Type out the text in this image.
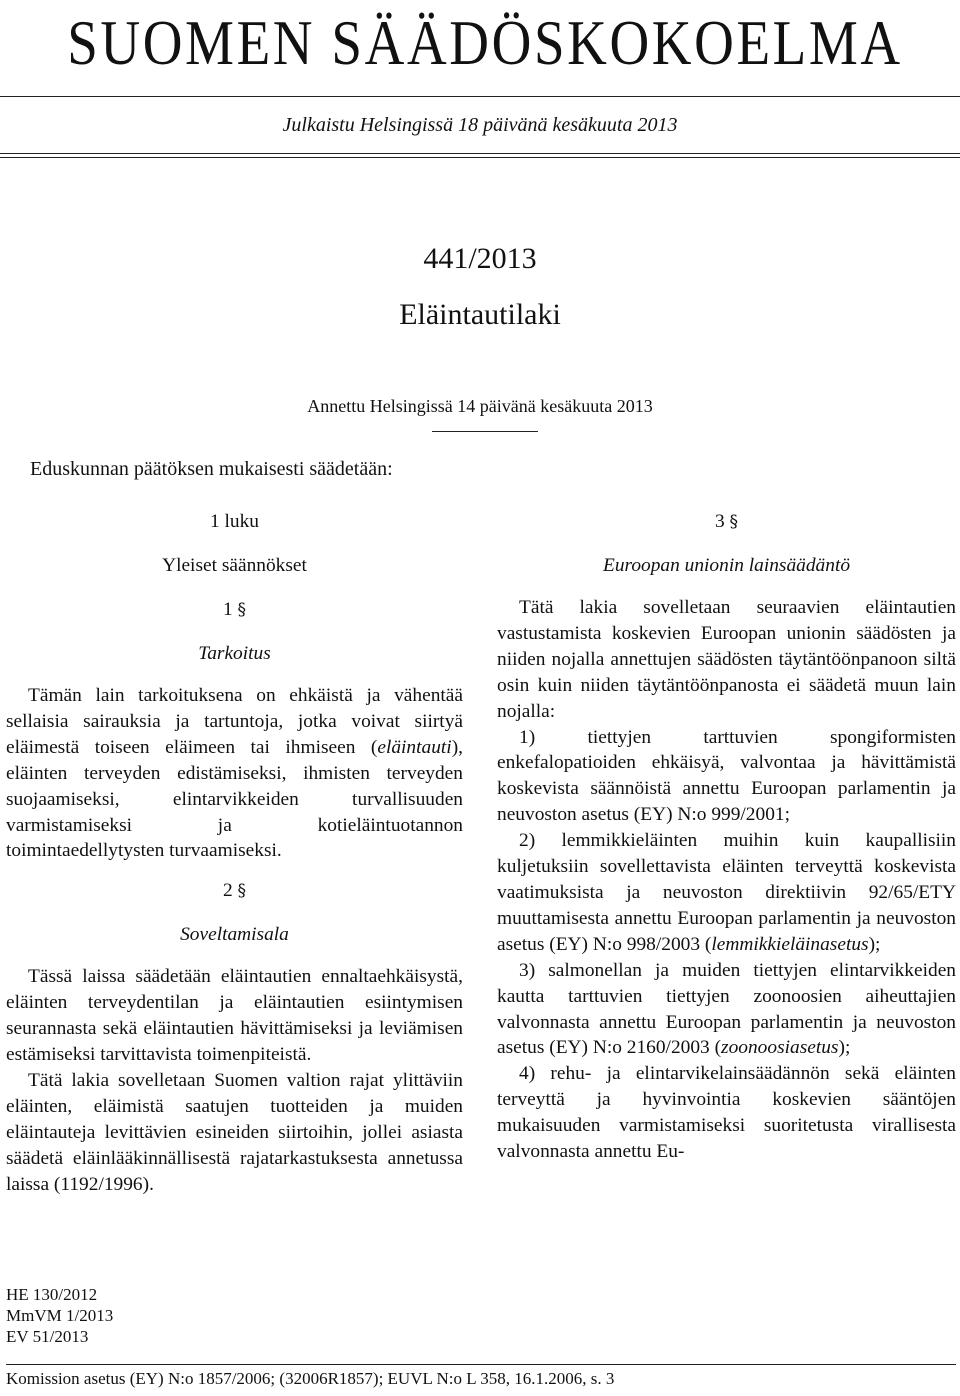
SUOMEN SÄÄDÖSKOKOELMA
Julkaistu Helsingissä 18 päivänä kesäkuuta 2013
441/2013
Eläintautilaki
Annettu Helsingissä 14 päivänä kesäkuuta 2013
Eduskunnan päätöksen mukaisesti säädetään:
1 luku
Yleiset säännökset
1 §
Tarkoitus

Tämän lain tarkoituksena on ehkäistä ja vähentää sellaisia sairauksia ja tartuntoja, jotka voivat siirtyä eläimestä toiseen eläimeen tai ihmiseen (eläintauti), eläinten terveyden edistämiseksi, ihmisten terveyden suojaamiseksi, elintarvikkeiden turvallisuuden varmistamiseksi ja kotieläintuotannon toimintaedellytysten turvaamiseksi.

2 §
Soveltamisala

Tässä laissa säädetään eläintautien ennaltaehkäisystä, eläinten terveydentilan ja eläintautien esiintymisen seurannasta sekä eläintautien hävittämiseksi ja leviämisen estämiseksi tarvittavista toimenpiteistä.

Tätä lakia sovelletaan Suomen valtion rajat ylittäviin eläinten, eläimistä saatujen tuotteiden ja muiden eläintauteja levittävien esineiden siirtoihin, jollei asiasta säädetä eläinlääkinnällisestä rajatarkastuksesta annetussa laissa (1192/1996).

3 §
Euroopan unionin lainsäädäntö

Tätä lakia sovelletaan seuraavien eläintautien vastustamista koskevien Euroopan unionin säädösten ja niiden nojalla annettujen säädösten täytäntöönpanoon siltä osin kuin niiden täytäntöönpanosta ei säädetä muun lain nojalla:

1) tiettyjen tarttuvien spongiformisten enkefalopatioiden ehkäisyä, valvontaa ja hävittämistä koskevista säännöistä annettu Euroopan parlamentin ja neuvoston asetus (EY) N:o 999/2001;

2) lemmikkieläinten muihin kuin kaupallisiin kuljetuksiin sovellettavista eläinten terveyttä koskevista vaatimuksista ja neuvoston direktiivin 92/65/ETY muuttamisesta annettu Euroopan parlamentin ja neuvoston asetus (EY) N:o 998/2003 (lemmikkieläinasetus);

3) salmonellan ja muiden tiettyjen elintarvikkeiden kautta tarttuvien tiettyjen zoonoosien aiheuttajien valvonnasta annettu Euroopan parlamentin ja neuvoston asetus (EY) N:o 2160/2003 (zoonoosiasetus);

4) rehu- ja elintarvikelainsäädännön sekä eläinten terveyttä ja hyvinvointia koskevien sääntöjen mukaisuuden varmistamiseksi suoritetusta virallisesta valvonnasta annettu Eu-

HE 130/2012
MmVM 1/2013
EV 51/2013
Komission asetus (EY) N:o 1857/2006; (32006R1857); EUVL N:o L 358, 16.1.2006, s. 3
